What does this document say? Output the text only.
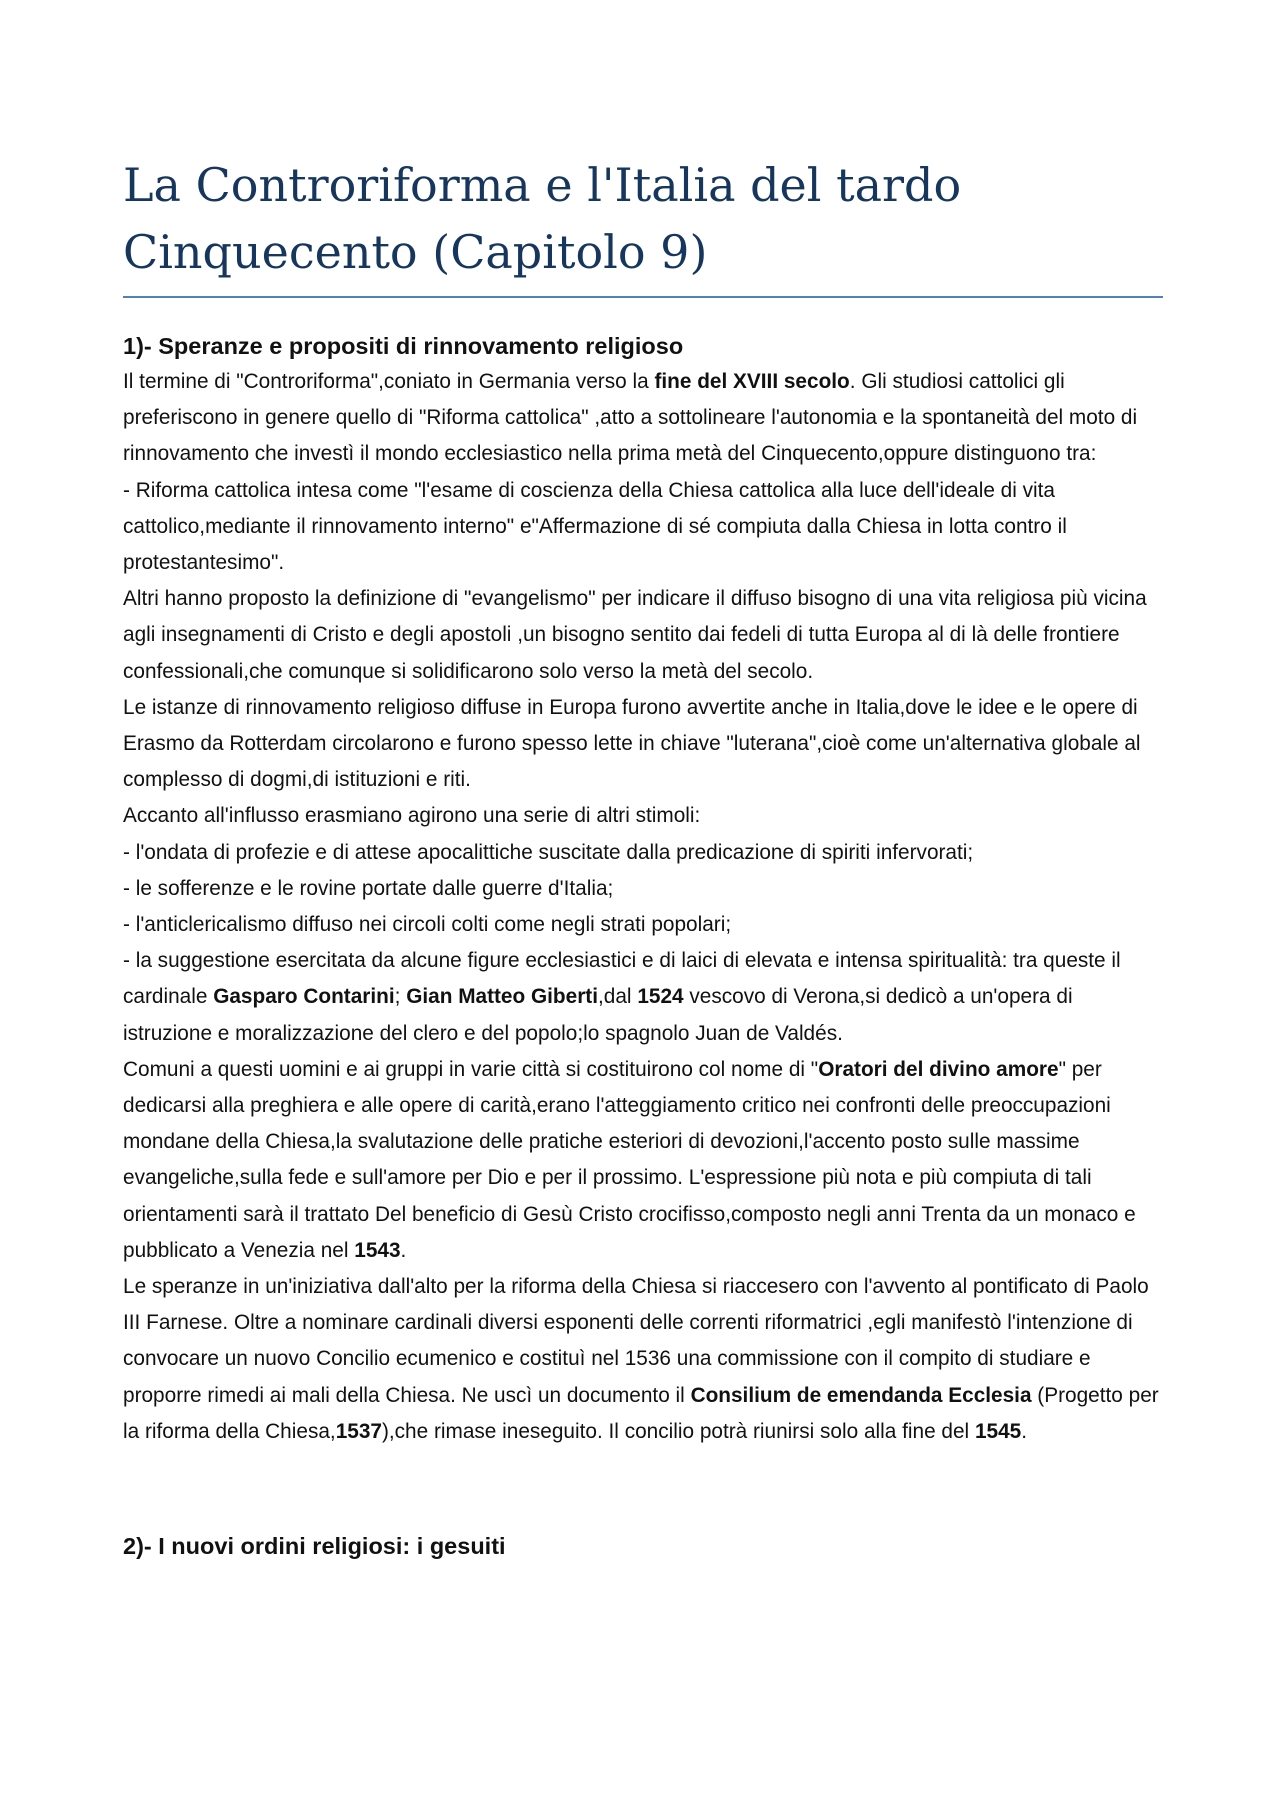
La Controriforma e l'Italia del tardo Cinquecento (Capitolo 9)
1)- Speranze e propositi di rinnovamento religioso

Il termine di "Controriforma",coniato in Germania verso la fine del XVIII secolo. Gli studiosi cattolici gli preferiscono in genere quello di "Riforma cattolica" ,atto a sottolineare l'autonomia e la spontaneità del moto di rinnovamento che investì il mondo ecclesiastico nella prima metà del Cinquecento,oppure distinguono tra:

- Riforma cattolica intesa come "l'esame di coscienza della Chiesa cattolica alla luce dell'ideale di vita cattolico,mediante il rinnovamento interno" e"Affermazione di sé compiuta dalla Chiesa in lotta contro il protestantesimo".

Altri hanno proposto la definizione di "evangelismo" per indicare il diffuso bisogno di una vita religiosa più vicina agli insegnamenti di Cristo e degli apostoli ,un bisogno sentito dai fedeli di tutta Europa al di là delle frontiere confessionali,che comunque si solidificarono solo verso la metà del secolo.

Le istanze di rinnovamento religioso diffuse in Europa furono avvertite anche in Italia,dove le idee e le opere di Erasmo da Rotterdam circolarono e furono spesso lette in chiave "luterana",cioè come un'alternativa globale al complesso di dogmi,di istituzioni e riti.

Accanto all'influsso erasmiano agirono una serie di altri stimoli:

- l'ondata di profezie e di attese apocalittiche suscitate dalla predicazione di spiriti infervorati;

- le sofferenze e le rovine portate dalle guerre d'Italia;

- l'anticlericalismo diffuso nei circoli colti come negli strati popolari;

- la suggestione esercitata da alcune figure ecclesiastici e di laici di elevata e intensa spiritualità: tra queste il cardinale Gasparo Contarini; Gian Matteo Giberti,dal 1524 vescovo di Verona,si dedicò a un'opera di istruzione e moralizzazione del clero e del popolo;lo spagnolo Juan de Valdés.

Comuni a questi uomini e ai gruppi in varie città si costituirono col nome di "Oratori del divino amore" per dedicarsi alla preghiera e alle opere di carità,erano l'atteggiamento critico nei confronti delle preoccupazioni mondane della Chiesa,la svalutazione delle pratiche esteriori di devozioni,l'accento posto sulle massime evangeliche,sulla fede e sull'amore per Dio e per il prossimo. L'espressione più nota e più compiuta di tali orientamenti sarà il trattato Del beneficio di Gesù Cristo crocifisso,composto negli anni Trenta da un monaco e pubblicato a Venezia nel 1543.

Le speranze in un'iniziativa dall'alto per la riforma della Chiesa si riaccesero con l'avvento al pontificato di Paolo III Farnese. Oltre a nominare cardinali diversi esponenti delle correnti riformatrici ,egli manifestò l'intenzione di convocare un nuovo Concilio ecumenico e costituì nel 1536 una commissione con il compito di studiare e proporre rimedi ai mali della Chiesa. Ne uscì un documento il Consilium de emendanda Ecclesia (Progetto per la riforma della Chiesa,1537),che rimase ineseguito. Il concilio potrà riunirsi solo alla fine del 1545.

2)- I nuovi ordini religiosi: i gesuiti
